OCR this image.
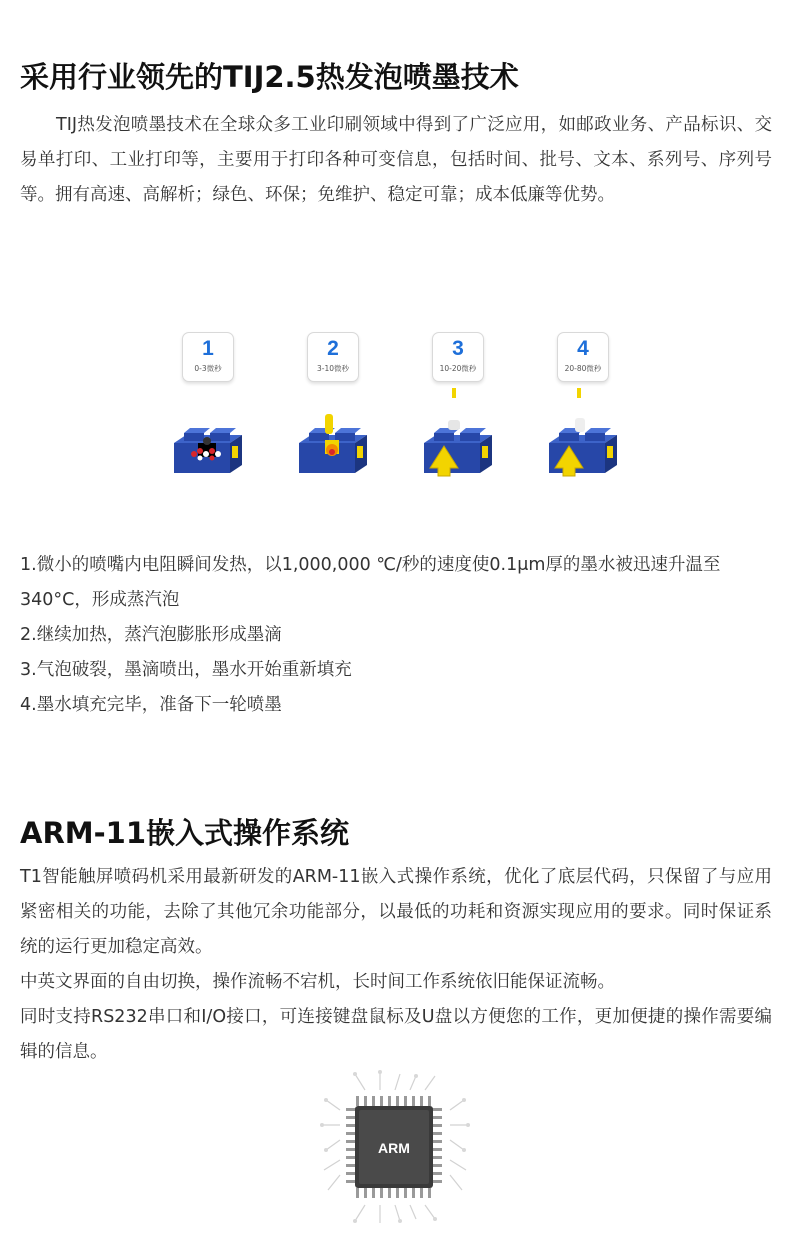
采用行业领先的TIJ2.5热发泡喷墨技术

TIJ热发泡喷墨技术在全球众多工业印刷领域中得到了广泛应用，如邮政业务、产品标识、交易单打印、工业打印等，主要用于打印各种可变信息，包括时间、批号、文本、系列号、序列号等。拥有高速、高解析；绿色、环保；免维护、稳定可靠；成本低廉等优势。

1
0-3微秒
2
3-10微秒
3
10-20微秒
4
20-80微秒
1.微小的喷嘴内电阻瞬间发热，以1,000,000 ℃/秒的速度使0.1μm厚的墨水被迅速升温至340°C，形成蒸汽泡
2.继续加热，蒸汽泡膨胀形成墨滴
3.气泡破裂，墨滴喷出，墨水开始重新填充
4.墨水填充完毕，准备下一轮喷墨
ARM-11嵌入式操作系统

T1智能触屏喷码机采用最新研发的ARM-11嵌入式操作系统，优化了底层代码，只保留了与应用紧密相关的功能，去除了其他冗余功能部分，以最低的功耗和资源实现应用的要求。同时保证系统的运行更加稳定高效。

中英文界面的自由切换，操作流畅不宕机，长时间工作系统依旧能保证流畅。

同时支持RS232串口和I/O接口，可连接键盘鼠标及U盘以方便您的工作，更加便捷的操作需要编辑的信息。

ARM
